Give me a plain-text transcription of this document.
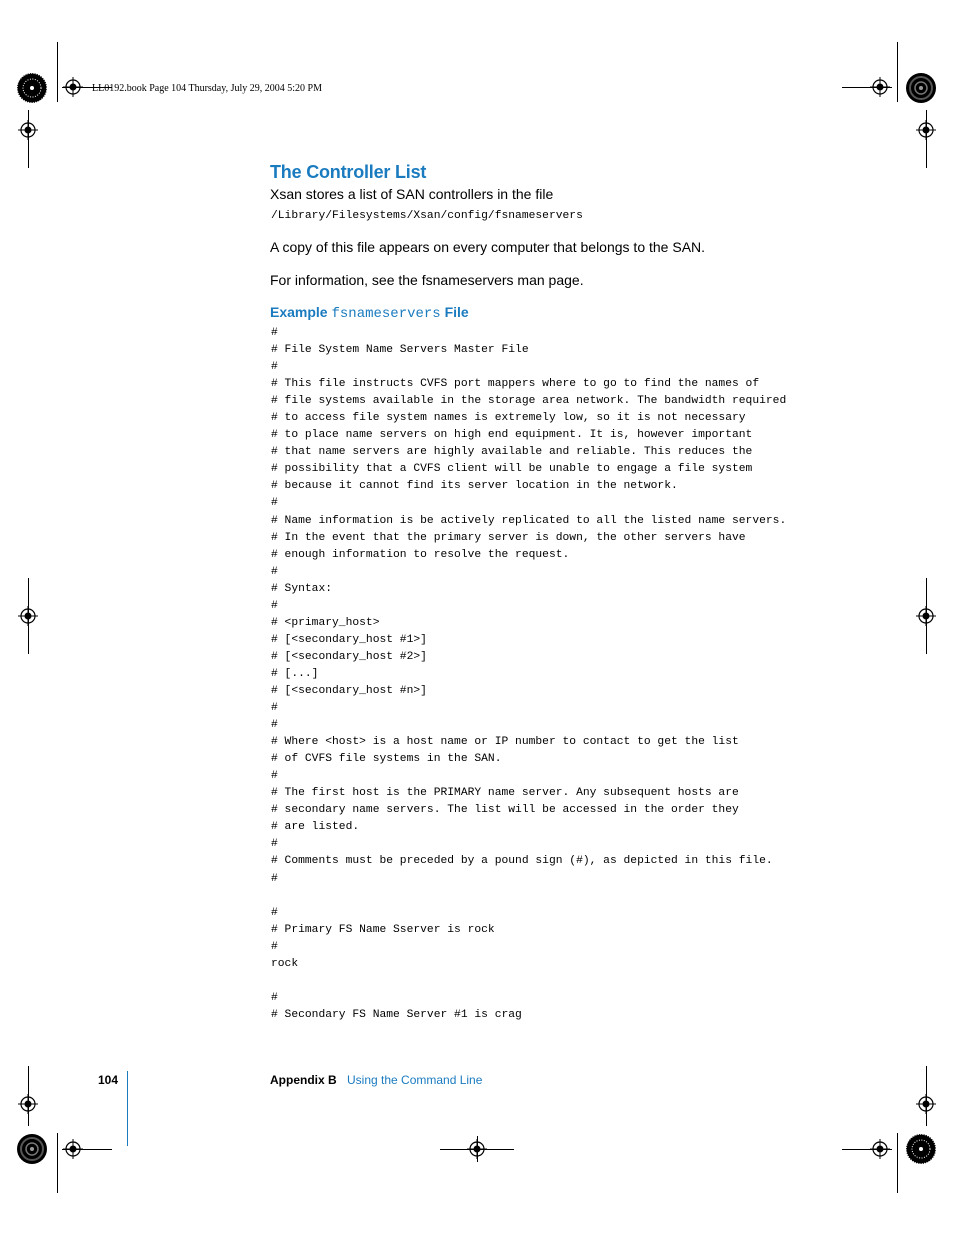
LL0192.book Page 104 Thursday, July 29, 2004 5:20 PM
The Controller List
Xsan stores a list of SAN controllers in the file
/Library/Filesystems/Xsan/config/fsnameservers
A copy of this file appears on every computer that belongs to the SAN.
For information, see the fsnameservers man page.
Example fsnameservers File
#
# File System Name Servers Master File
#
# This file instructs CVFS port mappers where to go to find the names of
# file systems available in the storage area network. The bandwidth required
# to access file system names is extremely low, so it is not necessary
# to place name servers on high end equipment. It is, however important
# that name servers are highly available and reliable. This reduces the
# possibility that a CVFS client will be unable to engage a file system
# because it cannot find its server location in the network.
#
# Name information is be actively replicated to all the listed name servers.
# In the event that the primary server is down, the other servers have
# enough information to resolve the request.
#
# Syntax:
#
# <primary_host>
# [<secondary_host #1>]
# [<secondary_host #2>]
# [...]
# [<secondary_host #n>]
#
#
# Where <host> is a host name or IP number to contact to get the list
# of CVFS file systems in the SAN.
#
# The first host is the PRIMARY name server. Any subsequent hosts are
# secondary name servers. The list will be accessed in the order they
# are listed.
#
# Comments must be preceded by a pound sign (#), as depicted in this file.
#

#
# Primary FS Name Sserver is rock
#
rock

#
# Secondary FS Name Server #1 is crag
104	Appendix B Using the Command Line
